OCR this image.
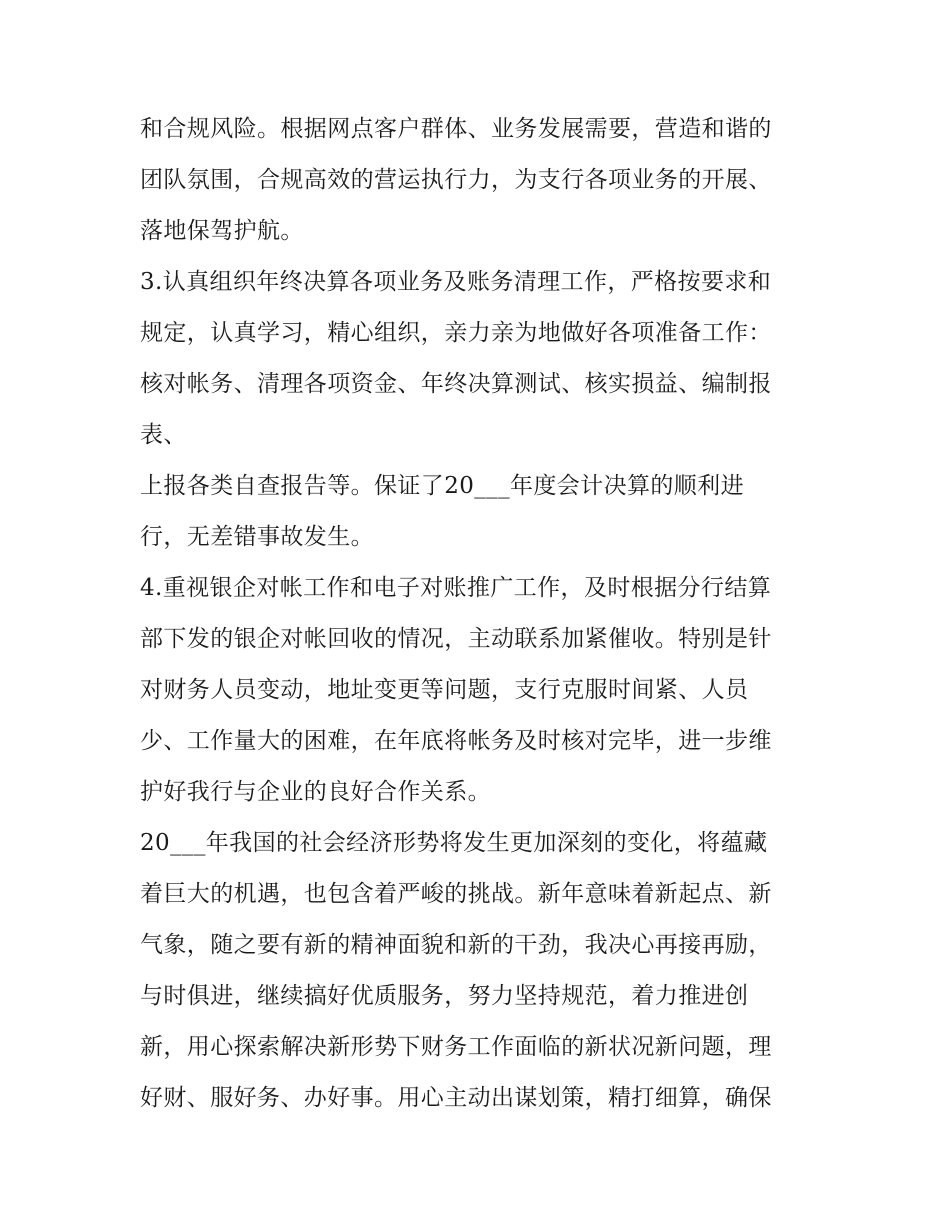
和合规风险。根据网点客户群体、业务发展需要，营造和谐的
团队氛围，合规高效的营运执行力，为支行各项业务的开展、
落地保驾护航。
3.认真组织年终决算各项业务及账务清理工作，严格按要求和
规定，认真学习，精心组织，亲力亲为地做好各项准备工作：
核对帐务、清理各项资金、年终决算测试、核实损益、编制报
表、
上报各类自查报告等。保证了20___年度会计决算的顺利进
行，无差错事故发生。
4.重视银企对帐工作和电子对账推广工作，及时根据分行结算
部下发的银企对帐回收的情况，主动联系加紧催收。特别是针
对财务人员变动，地址变更等问题，支行克服时间紧、人员
少、工作量大的困难，在年底将帐务及时核对完毕，进一步维
护好我行与企业的良好合作关系。
20___年我国的社会经济形势将发生更加深刻的变化，将蕴藏
着巨大的机遇，也包含着严峻的挑战。新年意味着新起点、新
气象，随之要有新的精神面貌和新的干劲，我决心再接再励，
与时俱进，继续搞好优质服务，努力坚持规范，着力推进创
新，用心探索解决新形势下财务工作面临的新状况新问题，理
好财、服好务、办好事。用心主动出谋划策，精打细算，确保
